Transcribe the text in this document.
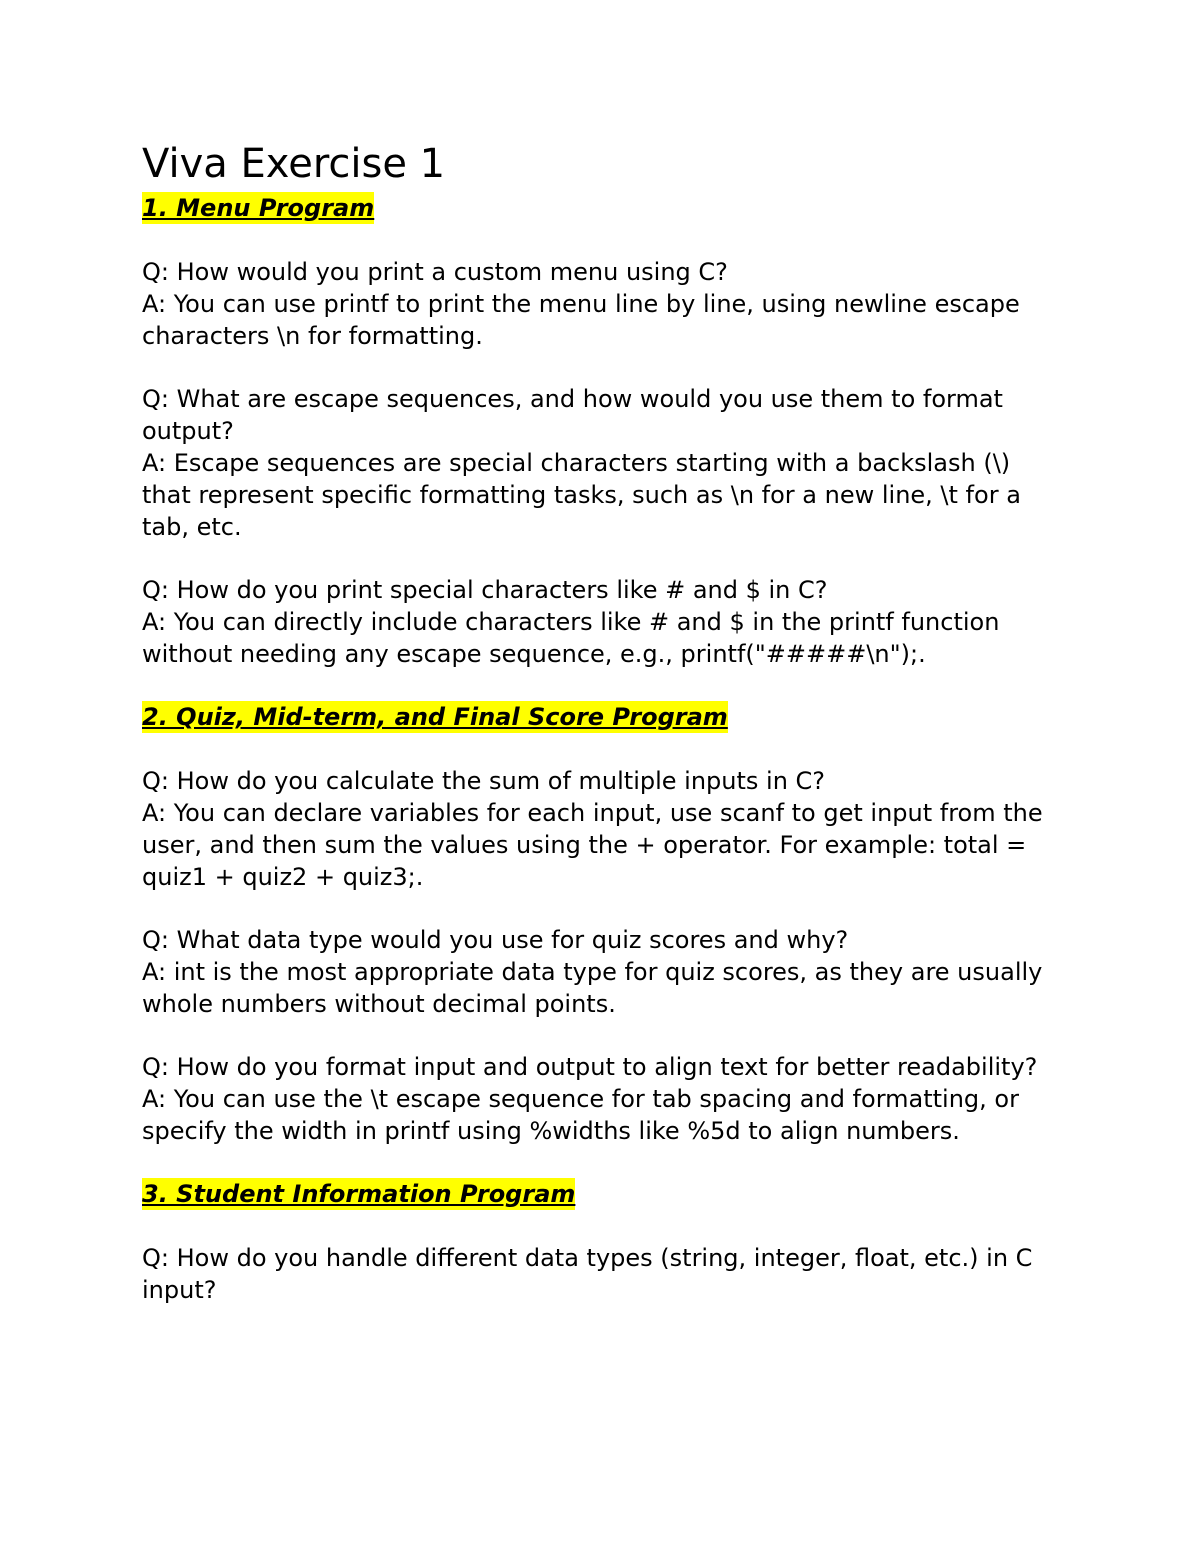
Viva Exercise 1
1. Menu Program

Q: How would you print a custom menu using C?

A: You can use printf to print the menu line by line, using newline escape characters \n for formatting.

Q: What are escape sequences, and how would you use them to format output?

A: Escape sequences are special characters starting with a backslash (\) that represent specific formatting tasks, such as \n for a new line, \t for a tab, etc.

Q: How do you print special characters like # and $ in C?

A: You can directly include characters like # and $ in the printf function without needing any escape sequence, e.g., printf("#####\n");.

2. Quiz, Mid-term, and Final Score Program

Q: How do you calculate the sum of multiple inputs in C?

A: You can declare variables for each input, use scanf to get input from the user, and then sum the values using the + operator. For example: total = quiz1 + quiz2 + quiz3;.

Q: What data type would you use for quiz scores and why?

A: int is the most appropriate data type for quiz scores, as they are usually whole numbers without decimal points.

Q: How do you format input and output to align text for better readability?

A: You can use the \t escape sequence for tab spacing and formatting, or specify the width in printf using %widths like %5d to align numbers.

3. Student Information Program

Q: How do you handle different data types (string, integer, float, etc.) in C input?
